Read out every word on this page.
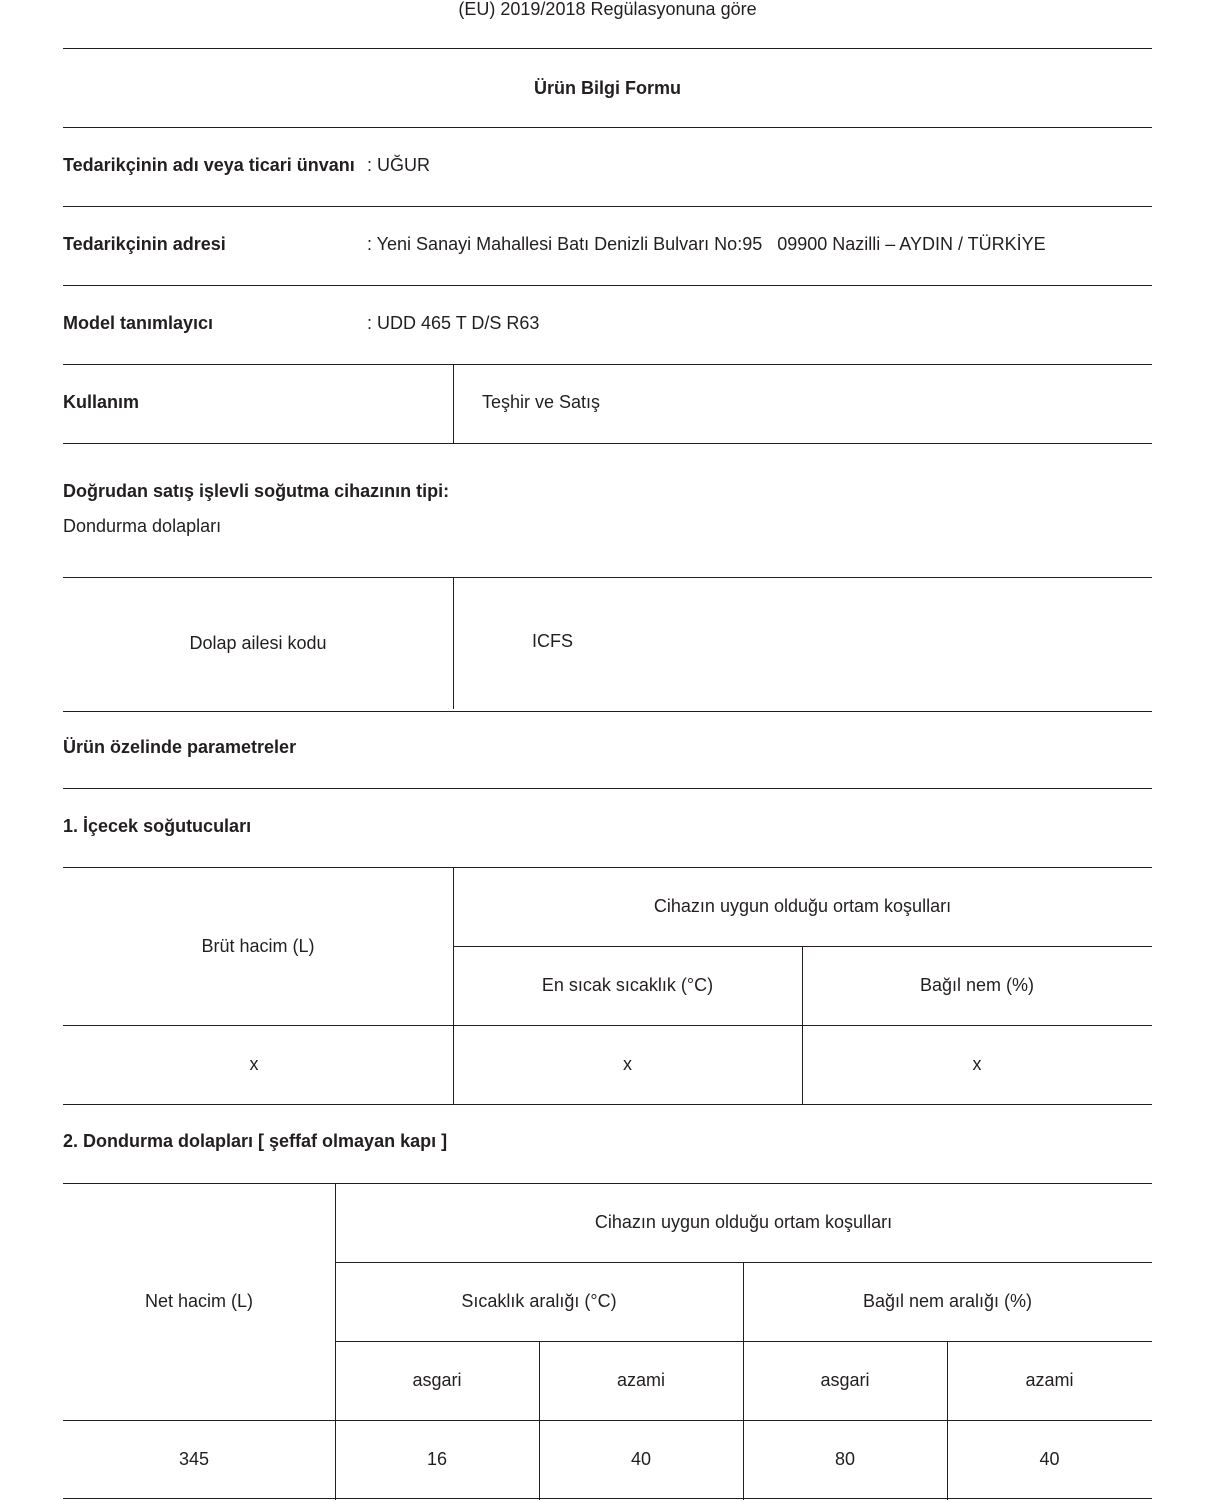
(EU) 2019/2018 Regülasyonuna göre
Ürün Bilgi Formu
Tedarikçinin adı veya ticari ünvanı : UĞUR
Tedarikçinin adresi	: Yeni Sanayi Mahallesi Batı Denizli Bulvarı No:95   09900 Nazilli – AYDIN / TÜRKİYE
Model tanımlayıcı	: UDD 465 T D/S R63
Kullanım	Teşhir ve Satış
Doğrudan satış işlevli soğutma cihazının tipi:
Dondurma dolapları
Dolap ailesi kodu	ICFS
Ürün özelinde parametreler
1. İçecek soğutucuları
Brüt hacim (L)
Cihazın uygun olduğu ortam koşulları
En sıcak sıcaklık (°C)	Bağıl nem (%)
x	x	x
2. Dondurma dolapları [ şeffaf olmayan kapı ]
Net hacim (L)
Cihazın uygun olduğu ortam koşulları
Sıcaklık aralığı (°C)	Bağıl nem aralığı (%)
asgari	azami	asgari	azami
345	16	40	80	40
